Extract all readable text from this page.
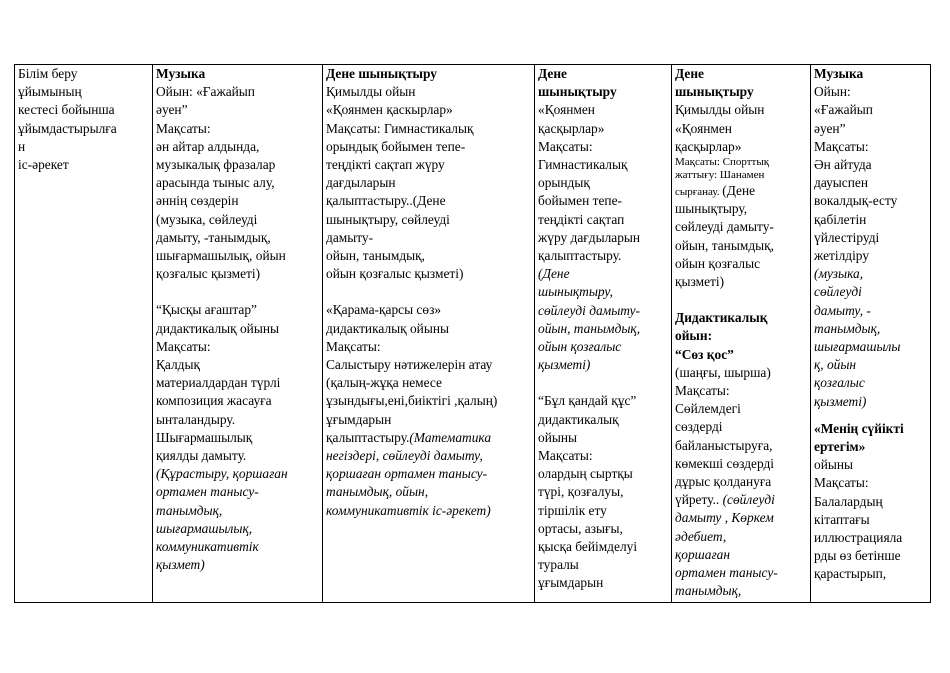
Білім беру
ұйымының
кестесі бойынша
ұйымдастырылға
н
іс-әрекет

Музыка
Ойын: «Ғажайып
әуен”
Мақсаты:
ән айтар алдында,
музыкалық фразалар
арасында тыныс алу,
әннің сөздерін
(музыка, сөйлеуді
дамыту, -танымдық,
шығармашылық, ойын
қозғалыс қызметі)
“Қысқы ағаштар”
дидактикалық ойыны
Мақсаты:
Қалдық
материалдардан түрлі
композиция жасауға
ынталандыру.
Шығармашылық
қиялды дамыту.
(Құрастыру, қоршаған
ортамен танысу-
танымдық,
шығармашылық,
коммуникативтік
қызмет)

Дене шынықтыру
Қимылды ойын
«Қоянмен қаскырлар»
Мақсаты: Гимнастикалық
орындық бойымен тепе-
теңдікті сақтап жүру
дағдыларын
қалыптастыру..(Дене
шынықтыру, сөйлеуді
дамыту-
ойын, танымдық,
ойын қозғалыс қызметі)
«Қарама-қарсы сөз»
дидактикалық ойыны
Мақсаты:
Салыстыру нәтижелерін атау
(қалың-жұқа немесе
ұзындығы,ені,биіктігі ,қалың)
ұғымдарын
қалыптастыру.(Математика
негіздері, сөйлеуді дамыту,
қоршаған ортамен танысу-
танымдық, ойын,
коммуникативтік іс-әрекет)

Дене
шынықтыру
«Қоянмен
қасқырлар»
Мақсаты:
Гимнастикалық
орындық
бойымен тепе-
теңдікті сақтап
жүру дағдыларын
қалыптастыру.
(Дене
шынықтыру,
сөйлеуді дамыту-
ойын, танымдық,
ойын қозғалыс
қызметі)
“Бұл қандай құс”
дидактикалық
ойыны
Мақсаты:
олардың сыртқы
түрі, қозғалуы,
тіршілік ету
ортасы, азығы,
қысқа бейімделуі
туралы
ұғымдарын

Дене
шынықтыру
Қимылды ойын
«Қоянмен
қасқырлар»
Мақсаты: Спорттық
жаттығу: Шанамен
сырғанау. (Дене
шынықтыру,
сөйлеуді дамыту-
ойын, танымдық,
ойын қозғалыс
қызметі)
Дидактикалық
ойын:
“Сөз қос”
(шаңғы, шырша)
Мақсаты:
Сөйлемдегі
сөздерді
байланыстыруға,
көмекші сөздерді
дұрыс қолдануға
үйрету.. (сөйлеуді
дамыту , Көркем
әдебиет,
қоршаған
ортамен танысу-
танымдық,

Музыка
Ойын:
«Ғажайып
әуен”
Мақсаты:
Ән айтуда
дауыспен
вокалдық-есту
қабілетін
үйлестіруді
жетілдіру
(музыка,
сөйлеуді
дамыту, -
танымдық,
шығармашылы
қ, ойын
қозғалыс
қызметі)
«Менің сүйікті
ертегім»
ойыны
Мақсаты:
Балалардың
кітаптағы
иллюстрацияла
рды өз бетінше
қарастырып,
